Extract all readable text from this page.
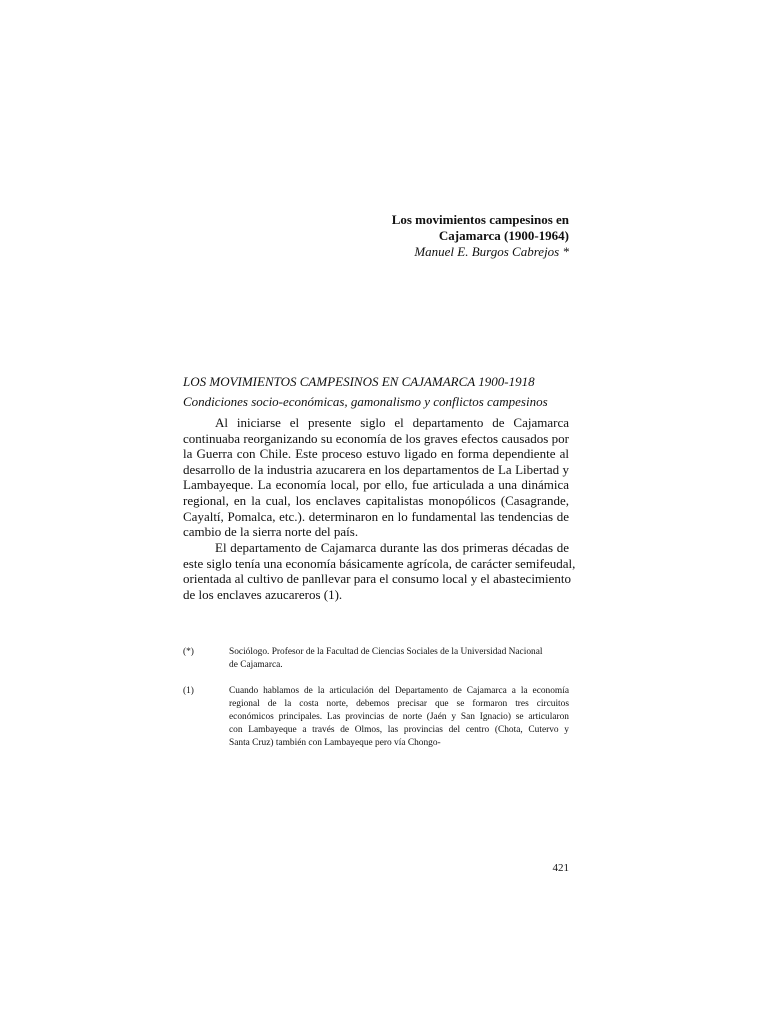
Los movimientos campesinos en
Cajamarca (1900-1964)
Manuel E. Burgos Cabrejos *
LOS MOVIMIENTOS CAMPESINOS EN CAJAMARCA 1900-1918
Condiciones socio-económicas, gamonalismo y conflictos campesinos
Al iniciarse el presente siglo el departamento de Cajamarca
continuaba reorganizando su economía de los graves efectos causados por
la Guerra con Chile. Este proceso estuvo ligado en forma dependiente al
desarrollo de la industria azucarera en los departamentos de La Libertad y
Lambayeque. La economía local, por ello, fue articulada a una dinámica
regional, en la cual, los enclaves capitalistas monopólicos (Casagrande,
Cayaltí, Pomalca, etc.). determinaron en lo fundamental las tendencias de
cambio de la sierra norte del país.
El departamento de Cajamarca durante las dos primeras décadas de
este siglo tenía una economía básicamente agrícola, de carácter semifeudal,
orientada al cultivo de panllevar para el consumo local y el abastecimiento
de los enclaves azucareros (1).
(*)	Sociólogo. Profesor de la Facultad de Ciencias Sociales de la Universidad Nacional
de Cajamarca.
(1)	Cuando hablamos de la articulación del Departamento de Cajamarca a la economía
regional de la costa norte, debemos precisar que se formaron tres circuitos
económicos principales. Las provincias de norte (Jaén y San Ignacio) se articularon
con Lambayeque a través de Olmos, las provincias del centro (Chota, Cutervo y
Santa Cruz) también con Lambayeque pero vía Chongo-
421
